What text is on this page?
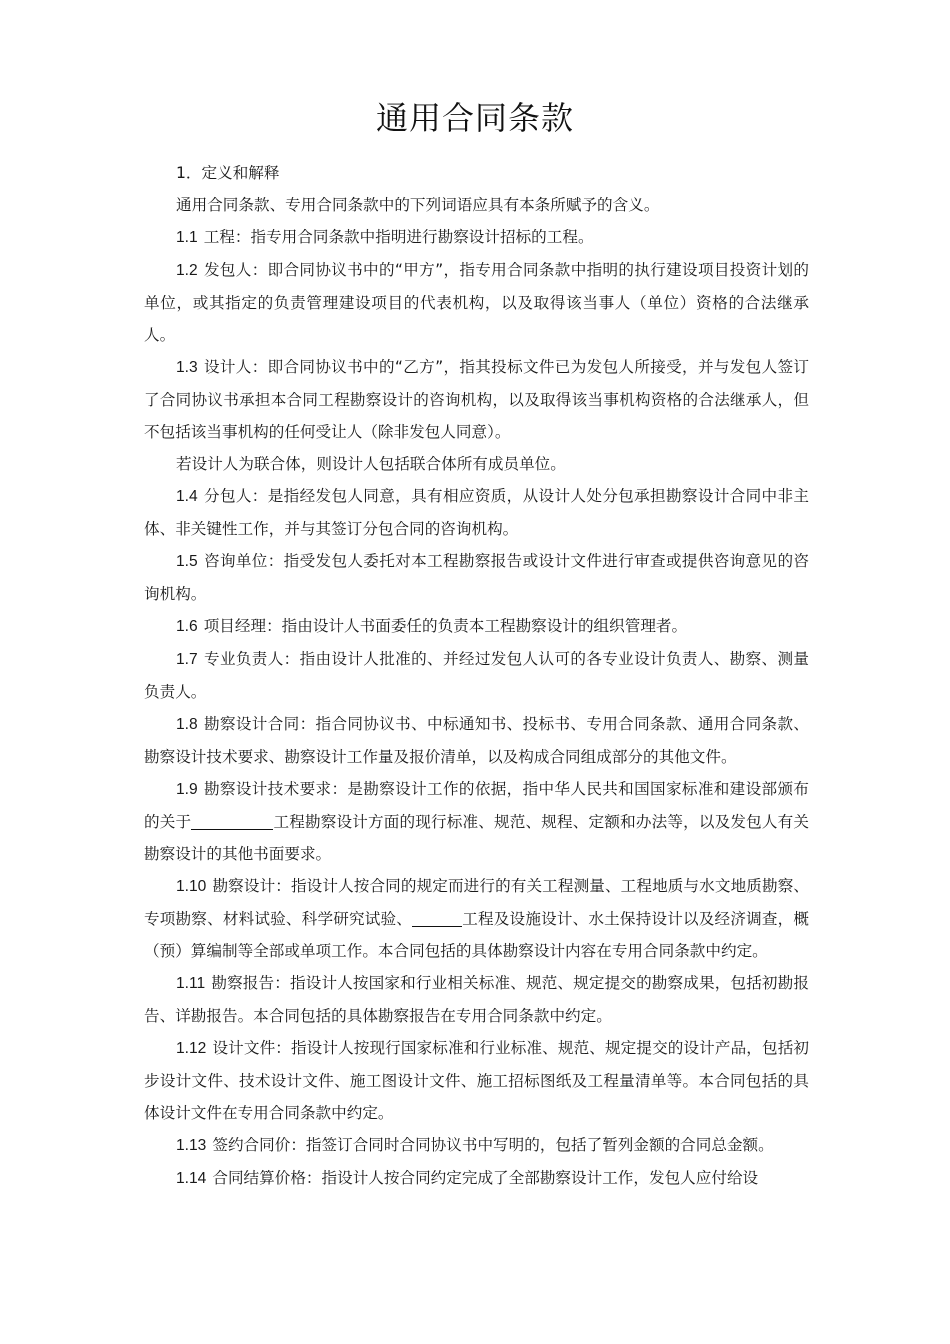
通用合同条款

1．定义和解释

通用合同条款、专用合同条款中的下列词语应具有本条所赋予的含义。

1.1 工程：指专用合同条款中指明进行勘察设计招标的工程。

1.2 发包人：即合同协议书中的“甲方”，指专用合同条款中指明的执行建设项目投资计划的单位，或其指定的负责管理建设项目的代表机构，以及取得该当事人（单位）资格的合法继承人。

1.3 设计人：即合同协议书中的“乙方”，指其投标文件已为发包人所接受，并与发包人签订了合同协议书承担本合同工程勘察设计的咨询机构，以及取得该当事机构资格的合法继承人，但不包括该当事机构的任何受让人（除非发包人同意）。

若设计人为联合体，则设计人包括联合体所有成员单位。

1.4 分包人：是指经发包人同意，具有相应资质，从设计人处分包承担勘察设计合同中非主体、非关键性工作，并与其签订分包合同的咨询机构。

1.5 咨询单位：指受发包人委托对本工程勘察报告或设计文件进行审查或提供咨询意见的咨询机构。

1.6 项目经理：指由设计人书面委任的负责本工程勘察设计的组织管理者。

1.7 专业负责人：指由设计人批准的、并经过发包人认可的各专业设计负责人、勘察、测量负责人。

1.8 勘察设计合同：指合同协议书、中标通知书、投标书、专用合同条款、通用合同条款、勘察设计技术要求、勘察设计工作量及报价清单，以及构成合同组成部分的其他文件。

1.9 勘察设计技术要求：是勘察设计工作的依据，指中华人民共和国国家标准和建设部颁布的关于	工程勘察设计方面的现行标准、规范、规程、定额和办法等，以及发包人有关勘察设计的其他书面要求。

1.10 勘察设计：指设计人按合同的规定而进行的有关工程测量、工程地质与水文地质勘察、专项勘察、材料试验、科学研究试验、	工程及设施设计、水土保持设计以及经济调查，概（预）算编制等全部或单项工作。本合同包括的具体勘察设计内容在专用合同条款中约定。

1.11 勘察报告：指设计人按国家和行业相关标准、规范、规定提交的勘察成果，包括初勘报告、详勘报告。本合同包括的具体勘察报告在专用合同条款中约定。

1.12 设计文件：指设计人按现行国家标准和行业标准、规范、规定提交的设计产品，包括初步设计文件、技术设计文件、施工图设计文件、施工招标图纸及工程量清单等。本合同包括的具体设计文件在专用合同条款中约定。

1.13 签约合同价：指签订合同时合同协议书中写明的，包括了暂列金额的合同总金额。

1.14 合同结算价格：指设计人按合同约定完成了全部勘察设计工作，发包人应付给设
